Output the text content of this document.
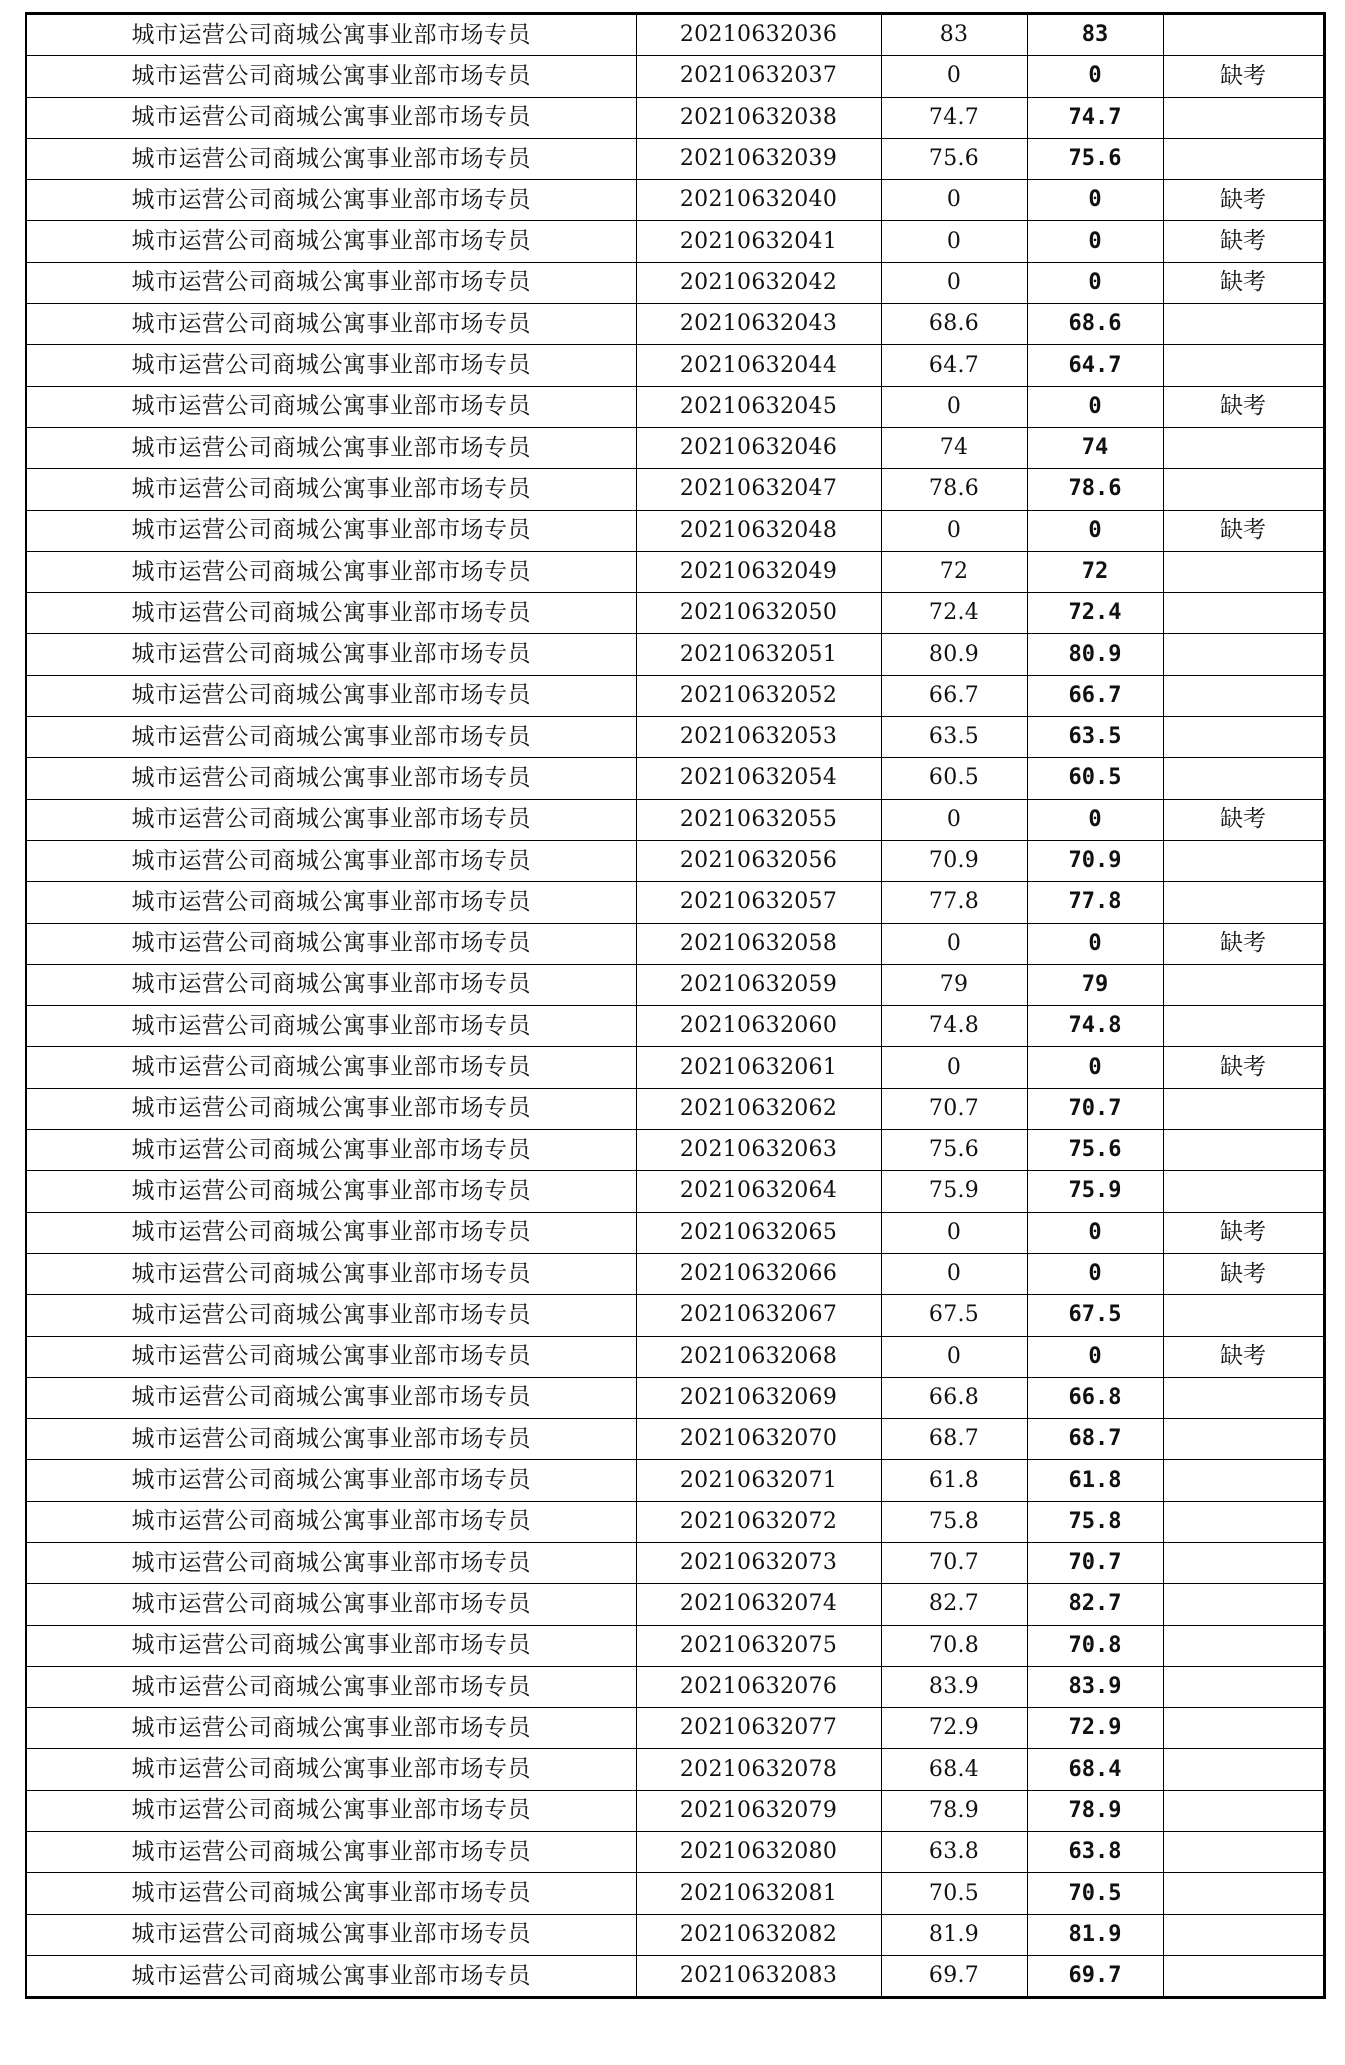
城市运营公司商城公寓事业部市场专员	20210632036	83	83	
城市运营公司商城公寓事业部市场专员	20210632037	0	0	缺考
城市运营公司商城公寓事业部市场专员	20210632038	74.7	74.7	
城市运营公司商城公寓事业部市场专员	20210632039	75.6	75.6	
城市运营公司商城公寓事业部市场专员	20210632040	0	0	缺考
城市运营公司商城公寓事业部市场专员	20210632041	0	0	缺考
城市运营公司商城公寓事业部市场专员	20210632042	0	0	缺考
城市运营公司商城公寓事业部市场专员	20210632043	68.6	68.6	
城市运营公司商城公寓事业部市场专员	20210632044	64.7	64.7	
城市运营公司商城公寓事业部市场专员	20210632045	0	0	缺考
城市运营公司商城公寓事业部市场专员	20210632046	74	74	
城市运营公司商城公寓事业部市场专员	20210632047	78.6	78.6	
城市运营公司商城公寓事业部市场专员	20210632048	0	0	缺考
城市运营公司商城公寓事业部市场专员	20210632049	72	72	
城市运营公司商城公寓事业部市场专员	20210632050	72.4	72.4	
城市运营公司商城公寓事业部市场专员	20210632051	80.9	80.9	
城市运营公司商城公寓事业部市场专员	20210632052	66.7	66.7	
城市运营公司商城公寓事业部市场专员	20210632053	63.5	63.5	
城市运营公司商城公寓事业部市场专员	20210632054	60.5	60.5	
城市运营公司商城公寓事业部市场专员	20210632055	0	0	缺考
城市运营公司商城公寓事业部市场专员	20210632056	70.9	70.9	
城市运营公司商城公寓事业部市场专员	20210632057	77.8	77.8	
城市运营公司商城公寓事业部市场专员	20210632058	0	0	缺考
城市运营公司商城公寓事业部市场专员	20210632059	79	79	
城市运营公司商城公寓事业部市场专员	20210632060	74.8	74.8	
城市运营公司商城公寓事业部市场专员	20210632061	0	0	缺考
城市运营公司商城公寓事业部市场专员	20210632062	70.7	70.7	
城市运营公司商城公寓事业部市场专员	20210632063	75.6	75.6	
城市运营公司商城公寓事业部市场专员	20210632064	75.9	75.9	
城市运营公司商城公寓事业部市场专员	20210632065	0	0	缺考
城市运营公司商城公寓事业部市场专员	20210632066	0	0	缺考
城市运营公司商城公寓事业部市场专员	20210632067	67.5	67.5	
城市运营公司商城公寓事业部市场专员	20210632068	0	0	缺考
城市运营公司商城公寓事业部市场专员	20210632069	66.8	66.8	
城市运营公司商城公寓事业部市场专员	20210632070	68.7	68.7	
城市运营公司商城公寓事业部市场专员	20210632071	61.8	61.8	
城市运营公司商城公寓事业部市场专员	20210632072	75.8	75.8	
城市运营公司商城公寓事业部市场专员	20210632073	70.7	70.7	
城市运营公司商城公寓事业部市场专员	20210632074	82.7	82.7	
城市运营公司商城公寓事业部市场专员	20210632075	70.8	70.8	
城市运营公司商城公寓事业部市场专员	20210632076	83.9	83.9	
城市运营公司商城公寓事业部市场专员	20210632077	72.9	72.9	
城市运营公司商城公寓事业部市场专员	20210632078	68.4	68.4	
城市运营公司商城公寓事业部市场专员	20210632079	78.9	78.9	
城市运营公司商城公寓事业部市场专员	20210632080	63.8	63.8	
城市运营公司商城公寓事业部市场专员	20210632081	70.5	70.5	
城市运营公司商城公寓事业部市场专员	20210632082	81.9	81.9	
城市运营公司商城公寓事业部市场专员	20210632083	69.7	69.7	
